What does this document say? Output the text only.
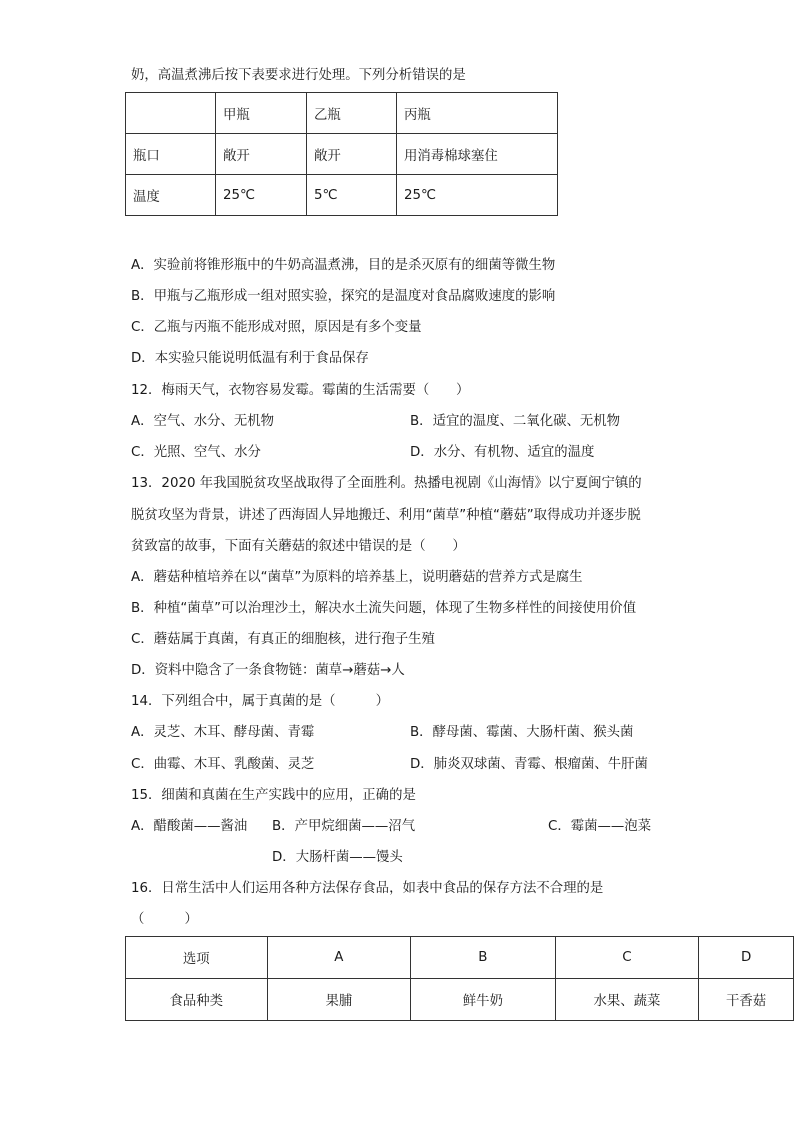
奶，高温煮沸后按下表要求进行处理。下列分析错误的是
	甲瓶	乙瓶	丙瓶
瓶口	敞开	敞开	用消毒棉球塞住
温度	25℃	5℃	25℃
A．实验前将锥形瓶中的牛奶高温煮沸，目的是杀灭原有的细菌等微生物
B．甲瓶与乙瓶形成一组对照实验，探究的是温度对食品腐败速度的影响
C．乙瓶与丙瓶不能形成对照，原因是有多个变量
D．本实验只能说明低温有利于食品保存
12．梅雨天气，衣物容易发霉。霉菌的生活需要（　　）
A．空气、水分、无机物	B．适宜的温度、二氧化碳、无机物
C．光照、空气、水分	D．水分、有机物、适宜的温度
13．2020 年我国脱贫攻坚战取得了全面胜利。热播电视剧《山海情》以宁夏闽宁镇的
脱贫攻坚为背景，讲述了西海固人异地搬迁、利用“菌草”种植“蘑菇”取得成功并逐步脱
贫致富的故事，下面有关蘑菇的叙述中错误的是（　　）
A．蘑菇种植培养在以“菌草”为原料的培养基上，说明蘑菇的营养方式是腐生
B．种植“菌草”可以治理沙土，解决水土流失问题，体现了生物多样性的间接使用价值
C．蘑菇属于真菌，有真正的细胞核，进行孢子生殖
D．资料中隐含了一条食物链：菌草→蘑菇→人
14．下列组合中，属于真菌的是（　　　）
A．灵芝、木耳、酵母菌、青霉	B．酵母菌、霉菌、大肠杆菌、猴头菌
C．曲霉、木耳、乳酸菌、灵芝	D．肺炎双球菌、青霉、根瘤菌、牛肝菌
15．细菌和真菌在生产实践中的应用，正确的是
A．醋酸菌——酱油 B．产甲烷细菌——沼气	C．霉菌——泡菜
D．大肠杆菌——馒头
16．日常生活中人们运用各种方法保存食品，如表中食品的保存方法不合理的是
（　　　）
选项	A	B	C	D
食品种类	果脯	鲜牛奶	水果、蔬菜	干香菇
